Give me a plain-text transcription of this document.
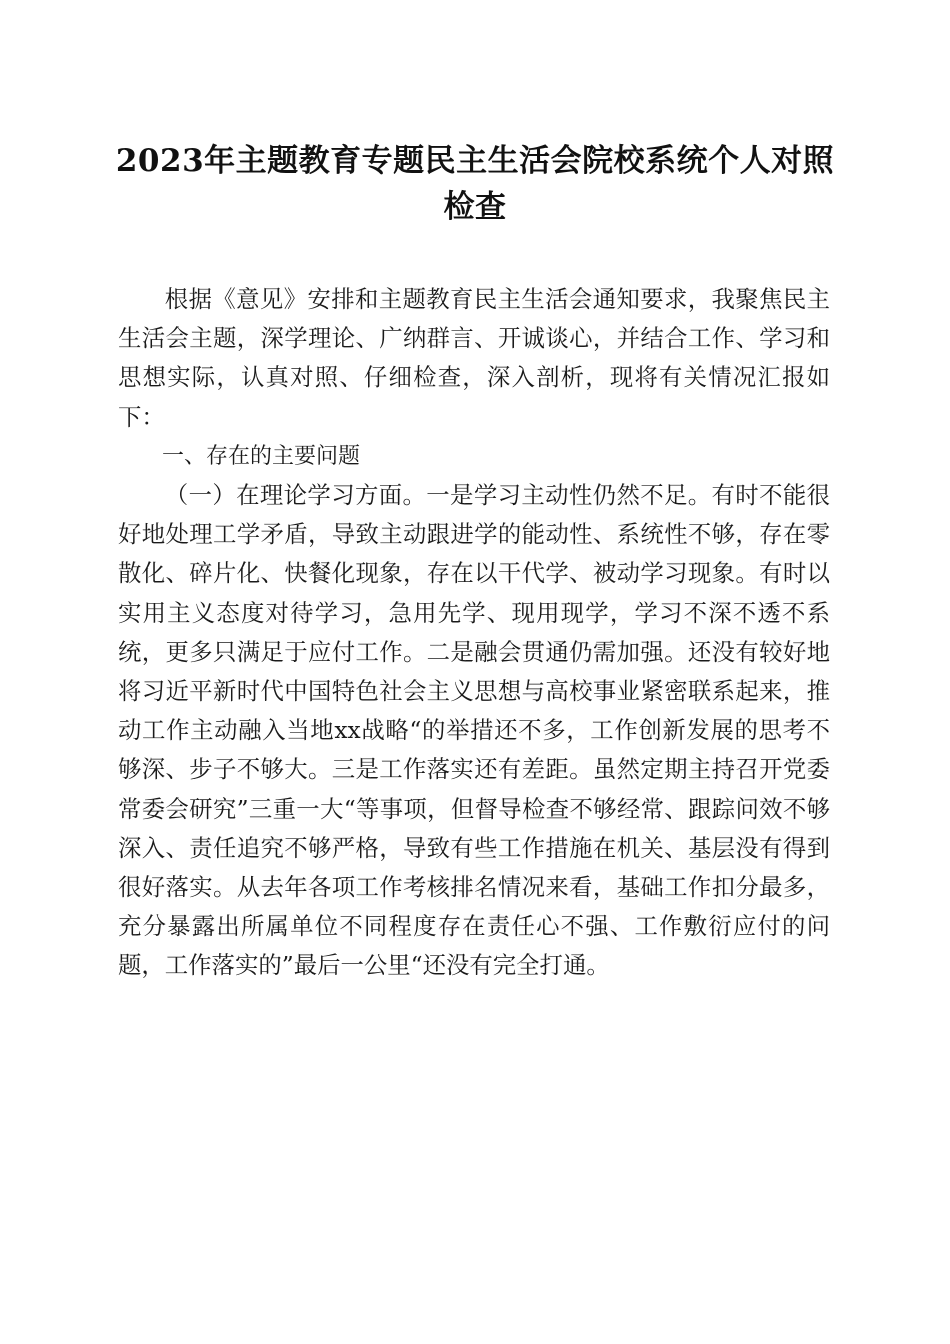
2023年主题教育专题民主生活会院校系统个人对照检查

根据《意见》安排和主题教育民主生活会通知要求，我聚焦民主生活会主题，深学理论、广纳群言、开诚谈心，并结合工作、学习和思想实际，认真对照、仔细检查，深入剖析，现将有关情况汇报如下：

一、存在的主要问题

（一）在理论学习方面。一是学习主动性仍然不足。有时不能很好地处理工学矛盾，导致主动跟进学的能动性、系统性不够，存在零散化、碎片化、快餐化现象，存在以干代学、被动学习现象。有时以实用主义态度对待学习，急用先学、现用现学，学习不深不透不系统，更多只满足于应付工作。二是融会贯通仍需加强。还没有较好地将习近平新时代中国特色社会主义思想与高校事业紧密联系起来，推动工作主动融入当地xx战略“的举措还不多，工作创新发展的思考不够深、步子不够大。三是工作落实还有差距。虽然定期主持召开党委常委会研究”三重一大“等事项，但督导检查不够经常、跟踪问效不够深入、责任追究不够严格，导致有些工作措施在机关、基层没有得到很好落实。从去年各项工作考核排名情况来看，基础工作扣分最多，充分暴露出所属单位不同程度存在责任心不强、工作敷衍应付的问题，工作落实的”最后一公里“还没有完全打通。
